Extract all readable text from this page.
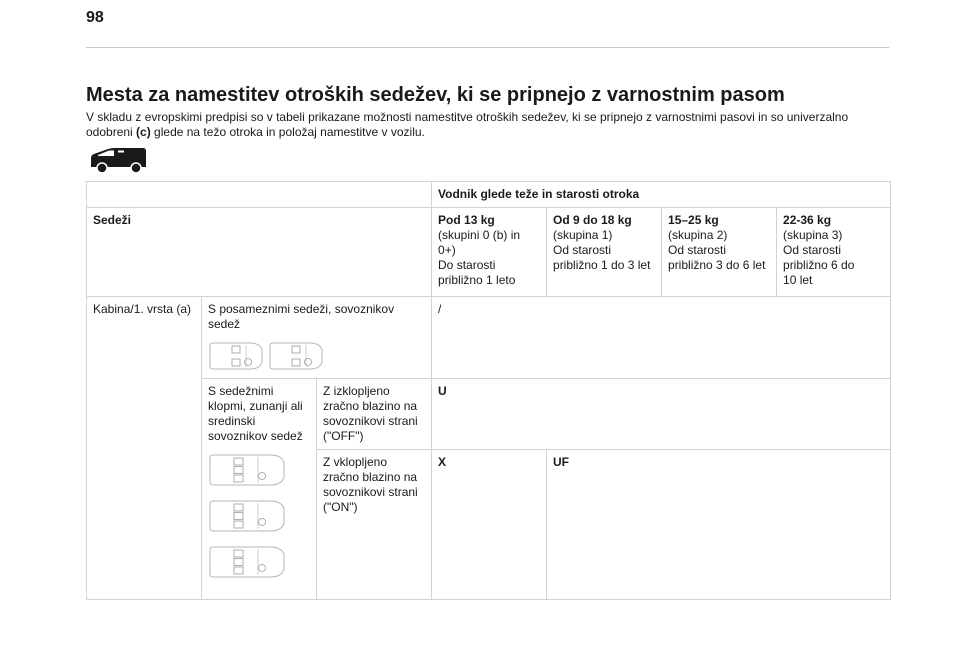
98
Mesta za namestitev otroških sedežev, ki se pripnejo z varnostnim pasom

V skladu z evropskimi predpisi so v tabeli prikazane možnosti namestitve otroških sedežev, ki se pripnejo z varnostnimi pasovi in so univerzalno odobreni (c) glede na težo otroka in položaj namestitve v vozilu.

			Vodnik glede teže in starosti otroka			
Sedeži			Pod 13 kg
(skupini 0 (b) in
0+)
Do starosti
približno 1 leto	Od 9 do 18 kg
(skupina 1)
Od starosti
približno 1 do 3 let	15–25 kg
(skupina 2)
Od starosti
približno 3 do 6 let	22-36 kg
(skupina 3)
Od starosti
približno 6 do
10 let

Kabina/1. vrsta (a)	S posameznimi sedeži, sovoznikov sedež		/			

	S sedežnimi klopmi, zunanji ali sredinski sovoznikov sedež	Z izklopljeno zračno blazino na sovoznikovi strani ("OFF")	U			
		Z vklopljeno zračno blazino na sovoznikovi strani ("ON")	X	UF		
